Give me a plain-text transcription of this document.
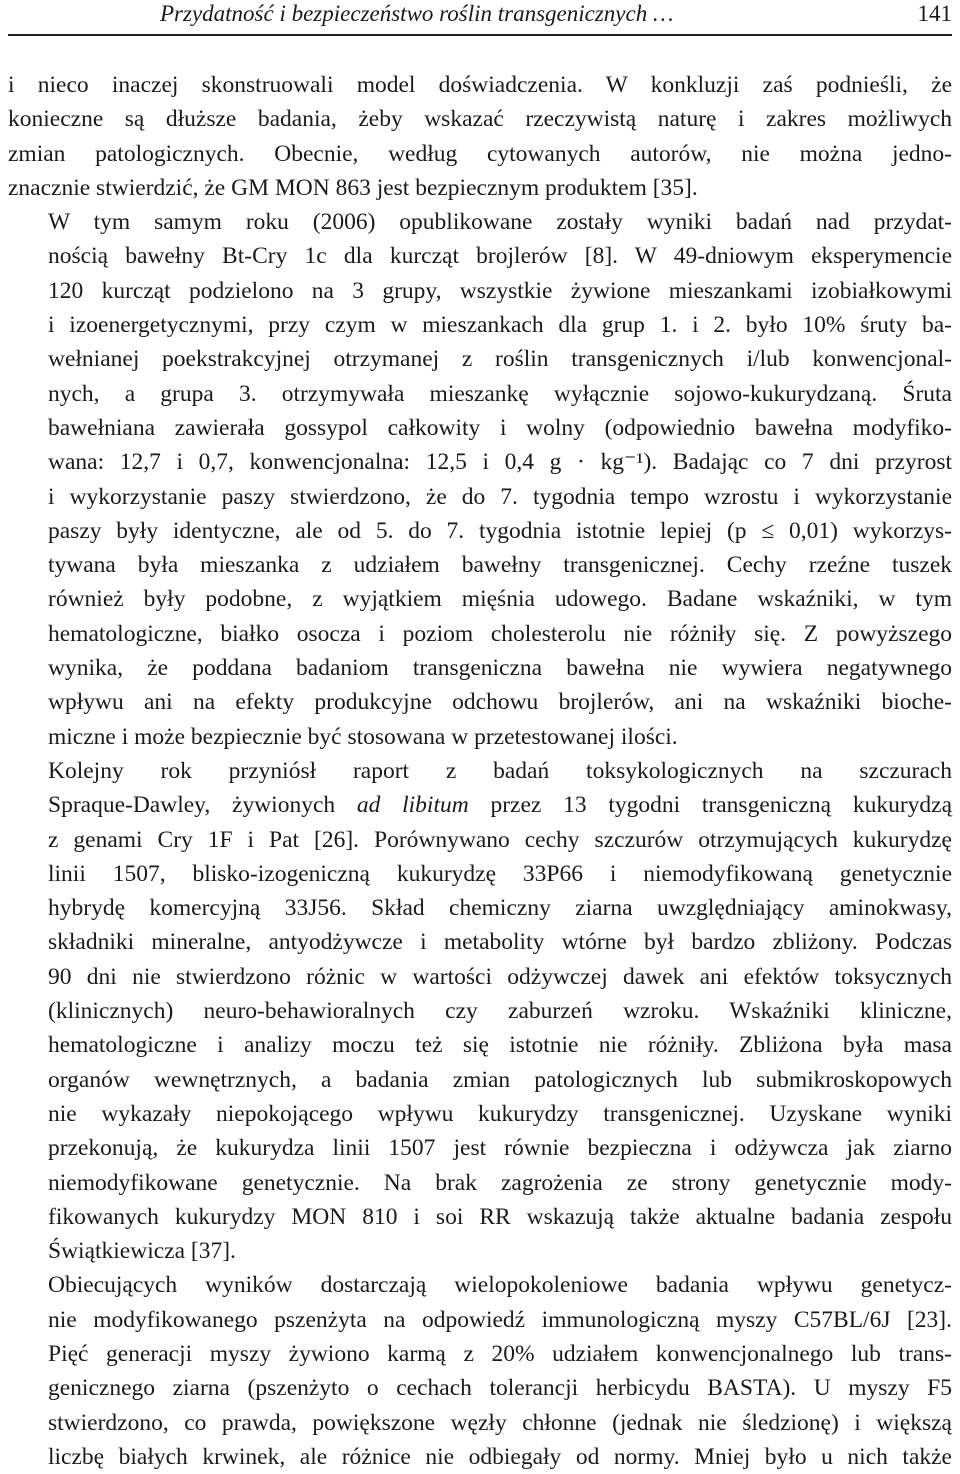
Przydatność i bezpieczeństwo roślin transgenicznych …	141

i nieco inaczej skonstruowali model doświadczenia. W konkluzji zaś podnieśli, że
konieczne są dłuższe badania, żeby wskazać rzeczywistą naturę i zakres możliwych
zmian patologicznych. Obecnie, według cytowanych autorów, nie można jedno-
znacznie stwierdzić, że GM MON 863 jest bezpiecznym produktem [35].

W tym samym roku (2006) opublikowane zostały wyniki badań nad przydat-
nością bawełny Bt-Cry 1c dla kurcząt brojlerów [8]. W 49-dniowym eksperymencie
120 kurcząt podzielono na 3 grupy, wszystkie żywione mieszankami izobiałkowymi
i izoenergetycznymi, przy czym w mieszankach dla grup 1. i 2. było 10% śruty ba-
wełnianej poekstrakcyjnej otrzymanej z roślin transgenicznych i/lub konwencjonal-
nych, a grupa 3. otrzymywała mieszankę wyłącznie sojowo-kukurydzaną. Śruta
bawełniana zawierała gossypol całkowity i wolny (odpowiednio bawełna modyfiko-
wana: 12,7 i 0,7, konwencjonalna: 12,5 i 0,4 g · kg⁻¹). Badając co 7 dni przyrost
i wykorzystanie paszy stwierdzono, że do 7. tygodnia tempo wzrostu i wykorzystanie
paszy były identyczne, ale od 5. do 7. tygodnia istotnie lepiej (p ≤ 0,01) wykorzys-
tywana była mieszanka z udziałem bawełny transgenicznej. Cechy rzeźne tuszek
również były podobne, z wyjątkiem mięśnia udowego. Badane wskaźniki, w tym
hematologiczne, białko osocza i poziom cholesterolu nie różniły się. Z powyższego
wynika, że poddana badaniom transgeniczna bawełna nie wywiera negatywnego
wpływu ani na efekty produkcyjne odchowu brojlerów, ani na wskaźniki bioche-
miczne i może bezpiecznie być stosowana w przetestowanej ilości.

Kolejny rok przyniósł raport z badań toksykologicznych na szczurach
Spraque-Dawley, żywionych ad libitum przez 13 tygodni transgeniczną kukurydzą
z genami Cry 1F i Pat [26]. Porównywano cechy szczurów otrzymujących kukurydzę
linii 1507, blisko-izogeniczną kukurydzę 33P66 i niemodyfikowaną genetycznie
hybrydę komercyjną 33J56. Skład chemiczny ziarna uwzględniający aminokwasy,
składniki mineralne, antyodżywcze i metabolity wtórne był bardzo zbliżony. Podczas
90 dni nie stwierdzono różnic w wartości odżywczej dawek ani efektów toksycznych
(klinicznych) neuro-behawioralnych czy zaburzeń wzroku. Wskaźniki kliniczne,
hematologiczne i analizy moczu też się istotnie nie różniły. Zbliżona była masa
organów wewnętrznych, a badania zmian patologicznych lub submikroskopowych
nie wykazały niepokojącego wpływu kukurydzy transgenicznej. Uzyskane wyniki
przekonują, że kukurydza linii 1507 jest równie bezpieczna i odżywcza jak ziarno
niemodyfikowane genetycznie. Na brak zagrożenia ze strony genetycznie mody-
fikowanych kukurydzy MON 810 i soi RR wskazują także aktualne badania zespołu
Świątkiewicza [37].

Obiecujących wyników dostarczają wielopokoleniowe badania wpływu genetycz-
nie modyfikowanego pszenżyta na odpowiedź immunologiczną myszy C57BL/6J [23].
Pięć generacji myszy żywiono karmą z 20% udziałem konwencjonalnego lub trans-
genicznego ziarna (pszenżyto o cechach tolerancji herbicydu BASTA). U myszy F5
stwierdzono, co prawda, powiększone węzły chłonne (jednak nie śledzionę) i większą
liczbę białych krwinek, ale różnice nie odbiegały od normy. Mniej było u nich także
